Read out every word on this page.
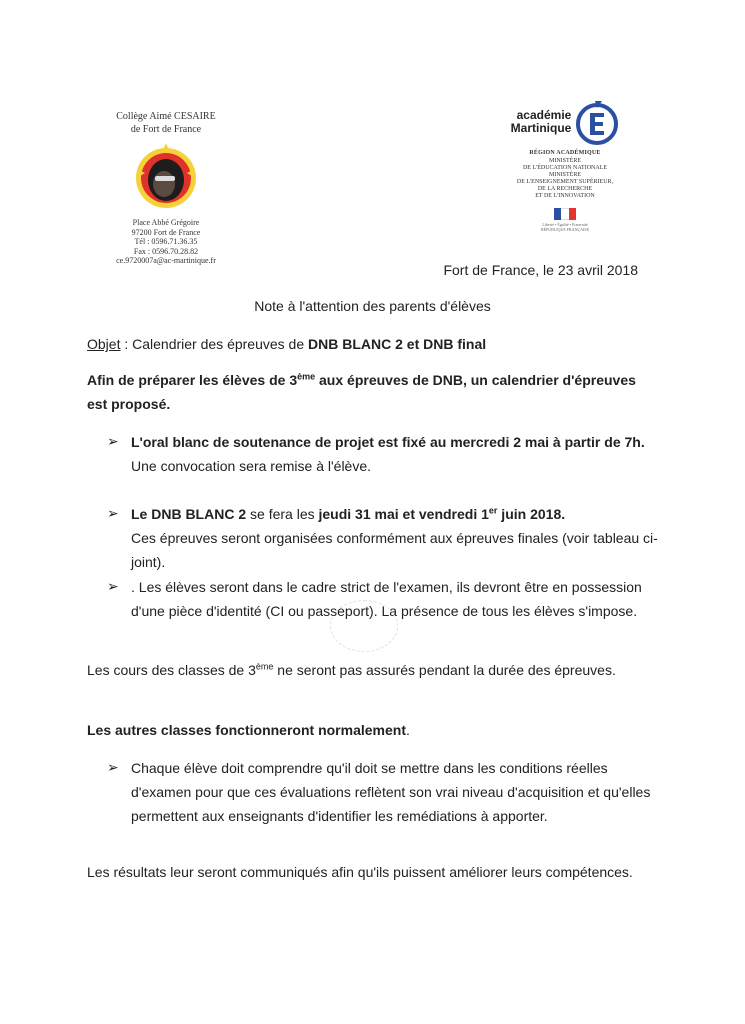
Collège Aimé CESAIRE
de Fort de France
Place Abbé Grégoire
97200 Fort de France
Tél : 0596.71.36.35
Fax : 0596.70.28.82
ce.9720007a@ac-martinique.fr
académie
Martinique
RÉGION ACADÉMIQUE
MINISTÈRE
DE L'ÉDUCATION NATIONALE
MINISTÈRE
DE L'ENSEIGNEMENT SUPÉRIEUR,
DE LA RECHERCHE
ET DE L'INNOVATION
Liberté • Égalité • Fraternité
RÉPUBLIQUE FRANÇAISE
Fort de France, le 23 avril 2018
Note à l'attention des parents d'élèves
Objet : Calendrier des épreuves de DNB BLANC 2 et DNB final
Afin de préparer les élèves de 3ème aux épreuves de DNB, un calendrier d'épreuves est proposé.
➢ L'oral blanc de soutenance de projet est fixé au mercredi 2 mai à partir de 7h.
Une convocation sera remise à l'élève.
➢ Le DNB BLANC 2 se fera les jeudi 31 mai et vendredi 1er juin 2018.
Ces épreuves seront organisées conformément aux épreuves finales (voir tableau ci-joint).
➢ . Les élèves seront dans le cadre strict de l'examen, ils devront être en possession d'une pièce d'identité (CI ou passeport). La présence de tous les élèves s'impose.
Les cours des classes de 3ème ne seront pas assurés pendant la durée des épreuves.
Les autres classes fonctionneront normalement.
➢ Chaque élève doit comprendre qu'il doit se mettre dans les conditions réelles d'examen pour que ces évaluations reflètent son vrai niveau d'acquisition et qu'elles permettent aux enseignants d'identifier les remédiations à apporter.
Les résultats leur seront communiqués afin qu'ils puissent améliorer leurs compétences.
